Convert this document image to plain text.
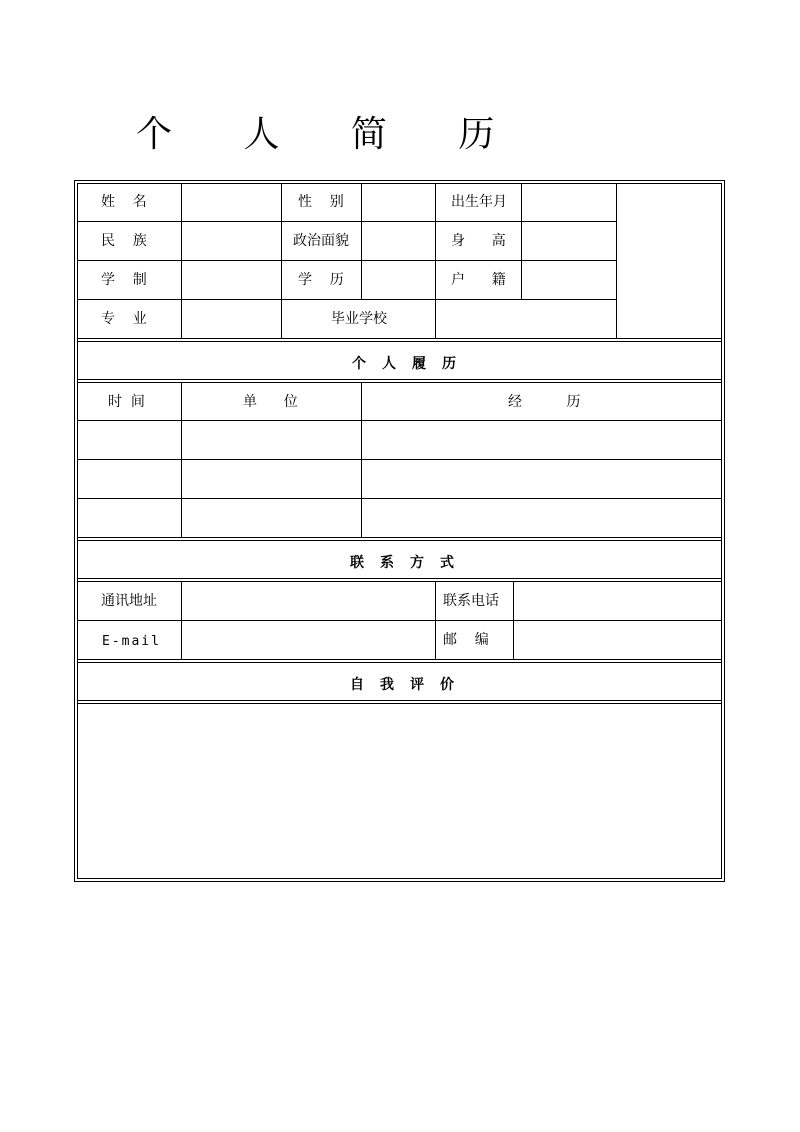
个 人 简 历
姓    名	性    别	出生年月
民    族	政治面貌	身      高
学    制	学    历	户      籍
专    业	毕业学校
个人履历
时  间	单      位	经          历
联系方式
通讯地址	联系电话
E-mail	邮    编
自我评价
